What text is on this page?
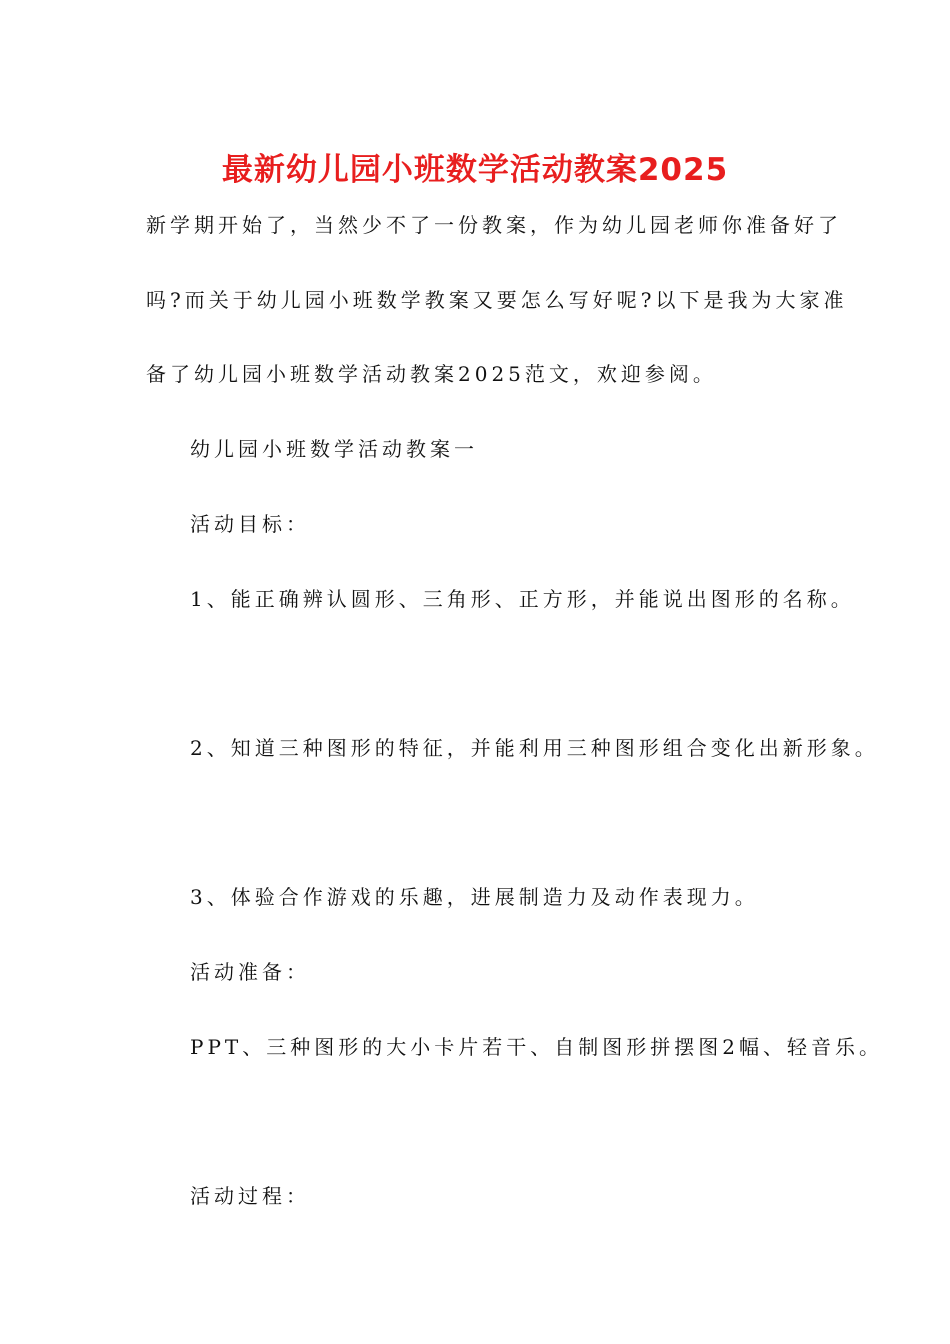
最新幼儿园小班数学活动教案2025
新学期开始了，当然少不了一份教案，作为幼儿园老师你准备好了
吗?而关于幼儿园小班数学教案又要怎么写好呢?以下是我为大家准
备了幼儿园小班数学活动教案2025范文，欢迎参阅。
幼儿园小班数学活动教案一
活动目标：
1、能正确辨认圆形、三角形、正方形，并能说出图形的名称。
2、知道三种图形的特征，并能利用三种图形组合变化出新形象。
3、体验合作游戏的乐趣，进展制造力及动作表现力。
活动准备：
PPT、三种图形的大小卡片若干、自制图形拼摆图2幅、轻音乐。
活动过程：
